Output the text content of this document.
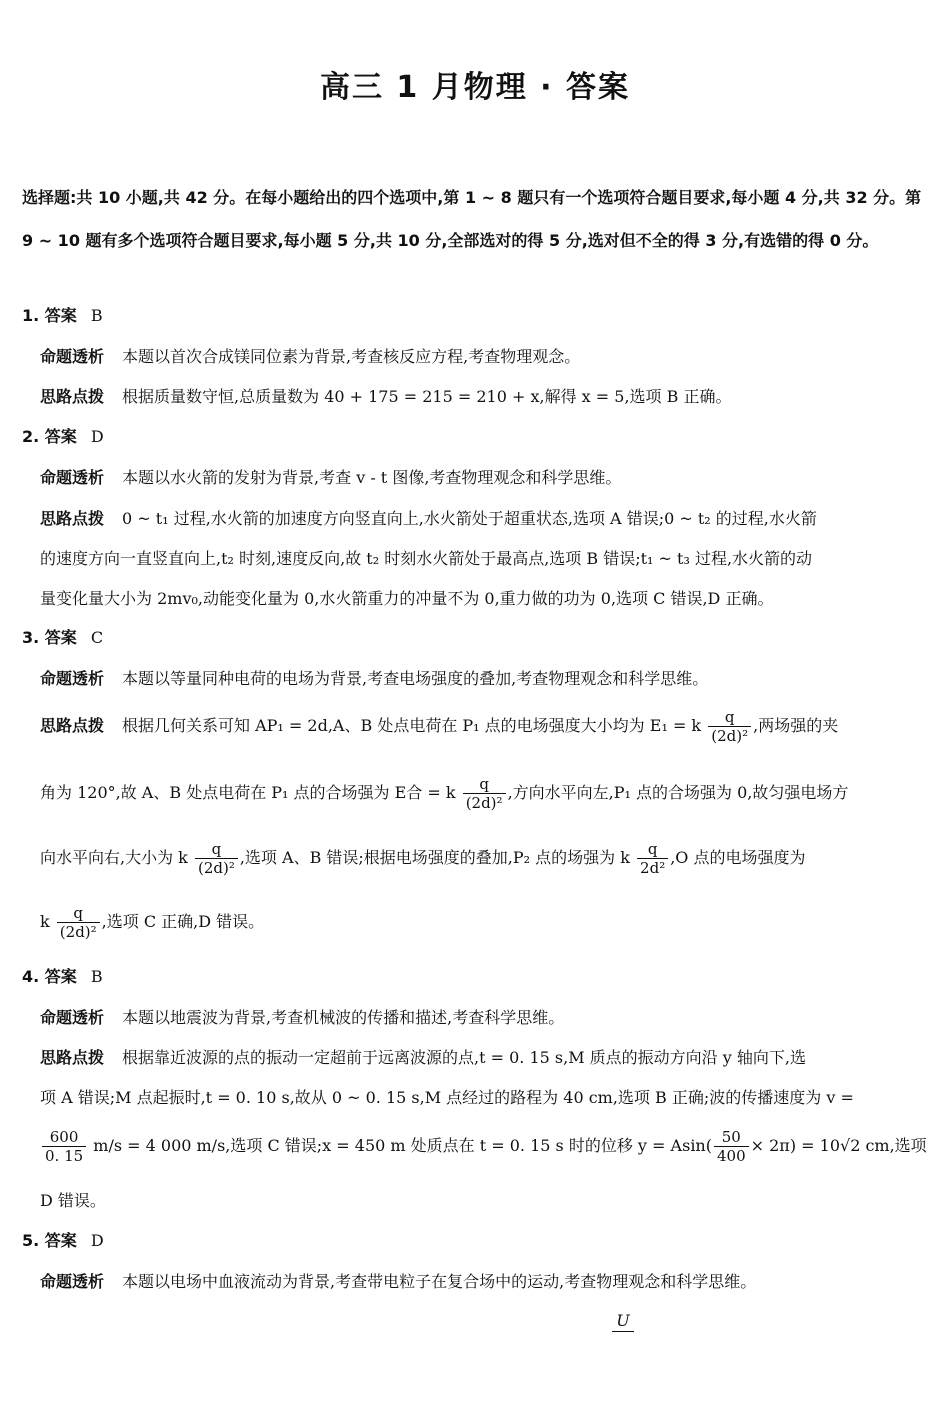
高三 1 月物理 · 答案
选择题:共 10 小题,共 42 分。在每小题给出的四个选项中,第 1 ~ 8 题只有一个选项符合题目要求,每小题 4 分,共 32 分。第 9 ~ 10 题有多个选项符合题目要求,每小题 5 分,共 10 分,全部选对的得 5 分,选对但不全的得 3 分,有选错的得 0 分。
1. 答案 B
命题透析 本题以首次合成镁同位素为背景,考查核反应方程,考查物理观念。
思路点拨 根据质量数守恒,总质量数为 40 + 175 = 215 = 210 + x,解得 x = 5,选项 B 正确。
2. 答案 D
命题透析 本题以水火箭的发射为背景,考查 v - t 图像,考查物理观念和科学思维。
思路点拨 0 ~ t₁ 过程,水火箭的加速度方向竖直向上,水火箭处于超重状态,选项 A 错误;0 ~ t₂ 的过程,水火箭
的速度方向一直竖直向上,t₂ 时刻,速度反向,故 t₂ 时刻水火箭处于最高点,选项 B 错误;t₁ ~ t₃ 过程,水火箭的动
量变化量大小为 2mv₀,动能变化量为 0,水火箭重力的冲量不为 0,重力做的功为 0,选项 C 错误,D 正确。
3. 答案 C
命题透析 本题以等量同种电荷的电场为背景,考查电场强度的叠加,考查物理观念和科学思维。
思路点拨 根据几何关系可知 AP₁ = 2d,A、B 处点电荷在 P₁ 点的电场强度大小均为 E₁ = k $\frac{q}{\text{(2d)²}}$ ,两场强的夹
角为 120°,故 A、B 处点电荷在 P₁ 点的合场强为 E合 = k $\frac{q}{\text{(2d)²}}$ ,方向水平向左,P₁ 点的合场强为 0,故匀强电场方
向水平向右,大小为 k $\frac{q}{\text{(2d)²}}$ ,选项 A、B 错误;根据电场强度的叠加,P₂ 点的场强为 k $\frac{q}{\text{2d²}} ,O$ 点的电场强度为
k $\frac{q}{\text{(2d)²}}$ ,选项 C 正确,D 错误。
4. 答案 B
命题透析 本题以地震波为背景,考查机械波的传播和描述,考查科学思维。
思路点拨 根据靠近波源的点的振动一定超前于远离波源的点,t = 0. 15 s,M 质点的振动方向沿 y 轴向下,选
项 A 错误;M 点起振时,t = 0. 10 s,故从 0 ~ 0. 15 s,M 点经过的路程为 40 cm,选项 B 正确;波的传播速度为 v =
$\frac{600}{0. 15} m/s = 4$ 000 m/s,选项 C 错误;x = 450 m 处质点在 t = 0. 15 s 时的位移 $y = Asin( \frac{50}{400} \times 2\pi) = 10√2$ cm,选项
D 错误。
5. 答案 D
命题透析 本题以电场中血液流动为背景,考查带电粒子在复合场中的运动,考查物理观念和科学思维。
U
